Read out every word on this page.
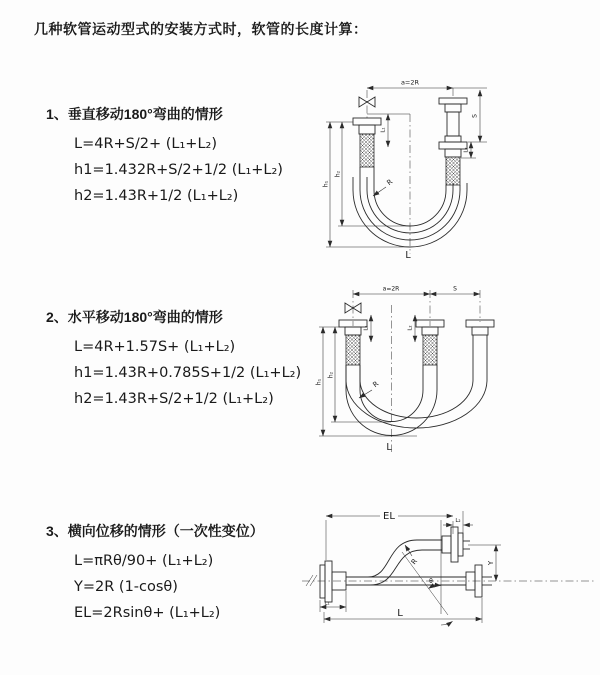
几种软管运动型式的安装方式时，软管的长度计算：
1、垂直移动180°弯曲的情形
L=4R+S/2+ (L₁+L₂)
h1=1.432R+S/2+1/2 (L₁+L₂)
h2=1.43R+1/2 (L₁+L₂)
2、水平移动180°弯曲的情形
L=4R+1.57S+ (L₁+L₂)
h1=1.43R+0.785S+1/2 (L₁+L₂)
h2=1.43R+S/2+1/2 (L₁+L₂)
3、横向位移的情形（一次性变位）
L=πRθ/90+ (L₁+L₂)
Y=2R (1-cosθ)
EL=2Rsinθ+ (L₁+L₂)
a=2R
S
L₂
h₁
h₂
L₁
R
L
a=2R	S
L₁	L₂
h₁
h₂
R
L
EL	L₂
Y
R
θ
L₁
L
